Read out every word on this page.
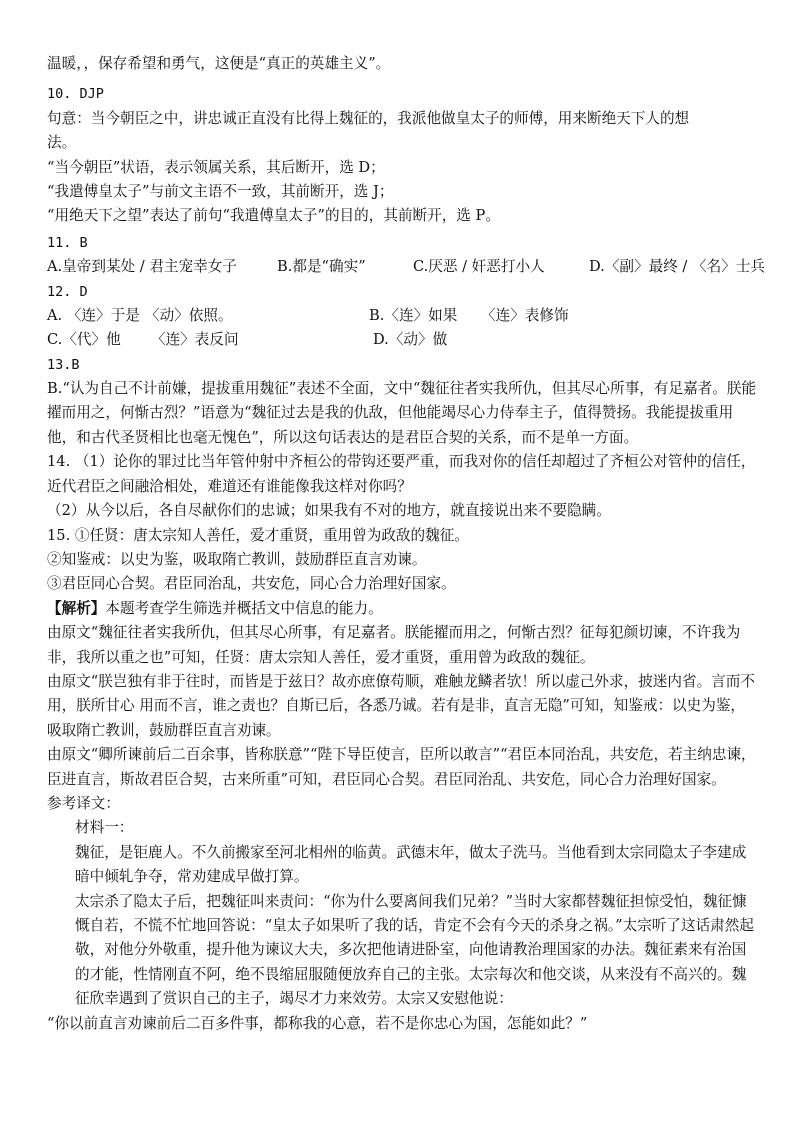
温暖，，保存希望和勇气，这便是“真正的英雄主义”。
10. DJP
句意：当今朝臣之中，讲忠诚正直没有比得上魏征的，我派他做皇太子的师傅，用来断绝天下人的想
法。
“当今朝臣”状语，表示领属关系，其后断开，选 D；
“我遣傅皇太子”与前文主语不一致，其前断开，选 J；
“用绝天下之望”表达了前句“我遣傅皇太子”的目的，其前断开，选 P。
11. B
A.皇帝到某处 / 君主宠幸女子	B.都是“确实”	C.厌恶 / 奸恶打小人	D.〈副〉最终 / 〈名〉士兵
12. D
A. 〈连〉于是 〈动〉依照。	B.〈连〉如果 〈连〉表修饰
C.〈代〉他 〈连〉表反问	D.〈动〉做
13.B
B.“认为自己不计前嫌，提拔重用魏征”表述不全面，文中“魏征往者实我所仇，但其尽心所事，有足嘉者。朕能擢而用之，何惭古烈？”语意为“魏征过去是我的仇敌，但他能竭尽心力侍奉主子，值得赞扬。我能提拔重用他，和古代圣贤相比也毫无愧色”，所以这句话表达的是君臣合契的关系，而不是单一方面。
14. （1）论你的罪过比当年管仲射中齐桓公的带钩还要严重，而我对你的信任却超过了齐桓公对管仲的信任，近代君臣之间融洽相处，难道还有谁能像我这样对你吗？
（2）从今以后，各自尽献你们的忠诚；如果我有不对的地方，就直接说出来不要隐瞒。
15. ①任贤：唐太宗知人善任，爱才重贤，重用曾为政敌的魏征。
②知鉴戒：以史为鉴，吸取隋亡教训，鼓励群臣直言劝谏。
③君臣同心合契。君臣同治乱，共安危，同心合力治理好国家。
【解析】本题考查学生筛选并概括文中信息的能力。
由原文“魏征往者实我所仇，但其尽心所事，有足嘉者。朕能擢而用之，何惭古烈？征每犯颜切谏，不许我为非，我所以重之也”可知，任贤：唐太宗知人善任，爱才重贤，重用曾为政敌的魏征。
由原文“朕岂独有非于往时，而皆是于兹日？故亦庶僚苟顺，难触龙鳞者欤！所以虚己外求，披迷内省。言而不用，朕所甘心 用而不言，谁之责也？自斯已后，各悉乃诚。若有是非，直言无隐”可知，知鉴戒：以史为鉴，吸取隋亡教训，鼓励群臣直言劝谏。
由原文“卿所谏前后二百余事，皆称朕意”“陛下导臣使言，臣所以敢言”“君臣本同治乱，共安危，若主纳忠谏，臣进直言，斯故君臣合契，古来所重”可知，君臣同心合契。君臣同治乱、共安危，同心合力治理好国家。
参考译文：
材料一：
魏征，是钜鹿人。不久前搬家至河北相州的临黄。武德末年，做太子洗马。当他看到太宗同隐太子李建成暗中倾轧争夺，常劝建成早做打算。
太宗杀了隐太子后，把魏征叫来责问：“你为什么要离间我们兄弟？”当时大家都替魏征担惊受怕，魏征慷慨自若，不慌不忙地回答说：“皇太子如果听了我的话，肯定不会有今天的杀身之祸。”太宗听了这话肃然起敬，对他分外敬重，提升他为谏议大夫，多次把他请进卧室，向他请教治理国家的办法。魏征素来有治国的才能，性情刚直不阿，绝不畏缩屈服随便放弃自己的主张。太宗每次和他交谈，从来没有不高兴的。魏征欣幸遇到了赏识自己的主子，竭尽才力来效劳。太宗又安慰他说：
“你以前直言劝谏前后二百多件事，都称我的心意，若不是你忠心为国，怎能如此？”
